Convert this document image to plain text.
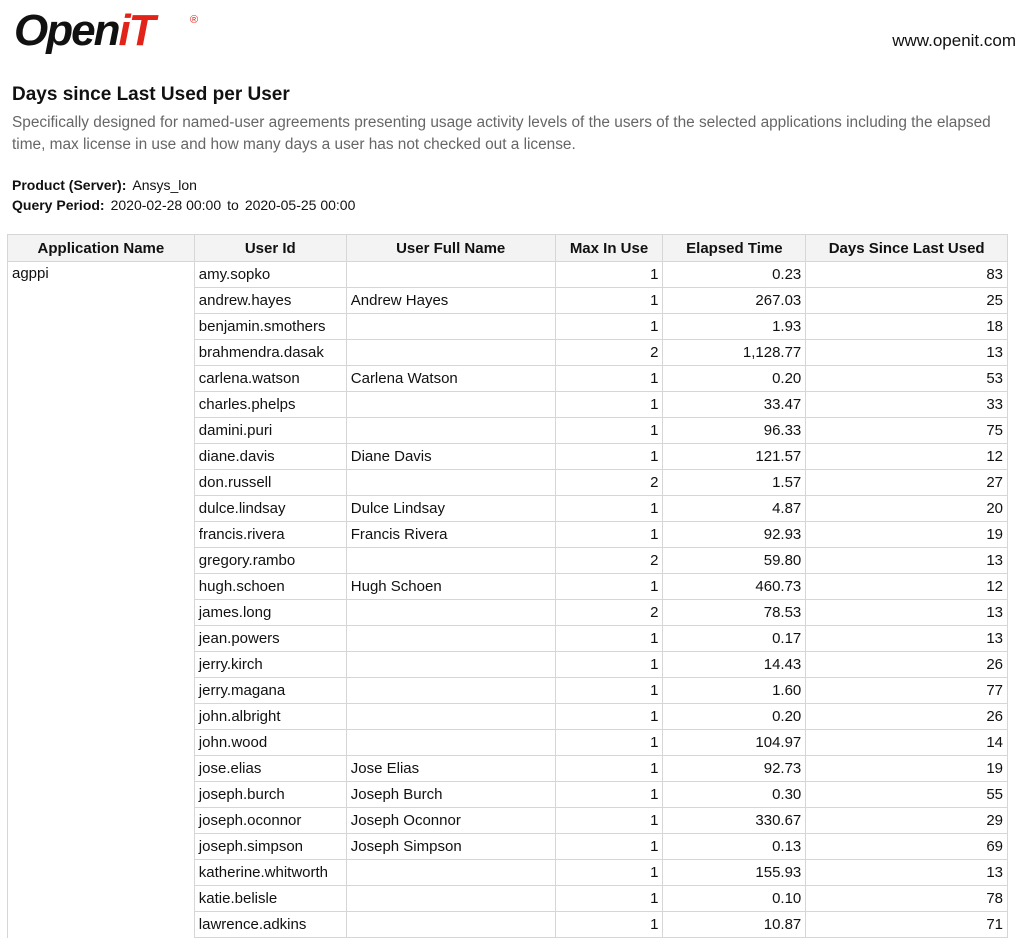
OpeniT	®
www.openit.com
Days since Last Used per User
Specifically designed for named-user agreements presenting usage activity levels of the users of the selected applications including the elapsed time, max license in use and how many days a user has not checked out a license.
Product (Server): Ansys_lon
Query Period: 2020-02-28 00:00 to 2020-05-25 00:00
Application Name	User Id	User Full Name	Max In Use	Elapsed Time	Days Since Last Used
agppi	amy.sopko		1	0.23	83
	andrew.hayes	Andrew Hayes	1	267.03	25
	benjamin.smothers		1	1.93	18
	brahmendra.dasak		2	1,128.77	13
	carlena.watson	Carlena Watson	1	0.20	53
	charles.phelps		1	33.47	33
	damini.puri		1	96.33	75
	diane.davis	Diane Davis	1	121.57	12
	don.russell		2	1.57	27
	dulce.lindsay	Dulce Lindsay	1	4.87	20
	francis.rivera	Francis Rivera	1	92.93	19
	gregory.rambo		2	59.80	13
	hugh.schoen	Hugh Schoen	1	460.73	12
	james.long		2	78.53	13
	jean.powers		1	0.17	13
	jerry.kirch		1	14.43	26
	jerry.magana		1	1.60	77
	john.albright		1	0.20	26
	john.wood		1	104.97	14
	jose.elias	Jose Elias	1	92.73	19
	joseph.burch	Joseph Burch	1	0.30	55
	joseph.oconnor	Joseph Oconnor	1	330.67	29
	joseph.simpson	Joseph Simpson	1	0.13	69
	katherine.whitworth		1	155.93	13
	katie.belisle		1	0.10	78
	lawrence.adkins		1	10.87	71
